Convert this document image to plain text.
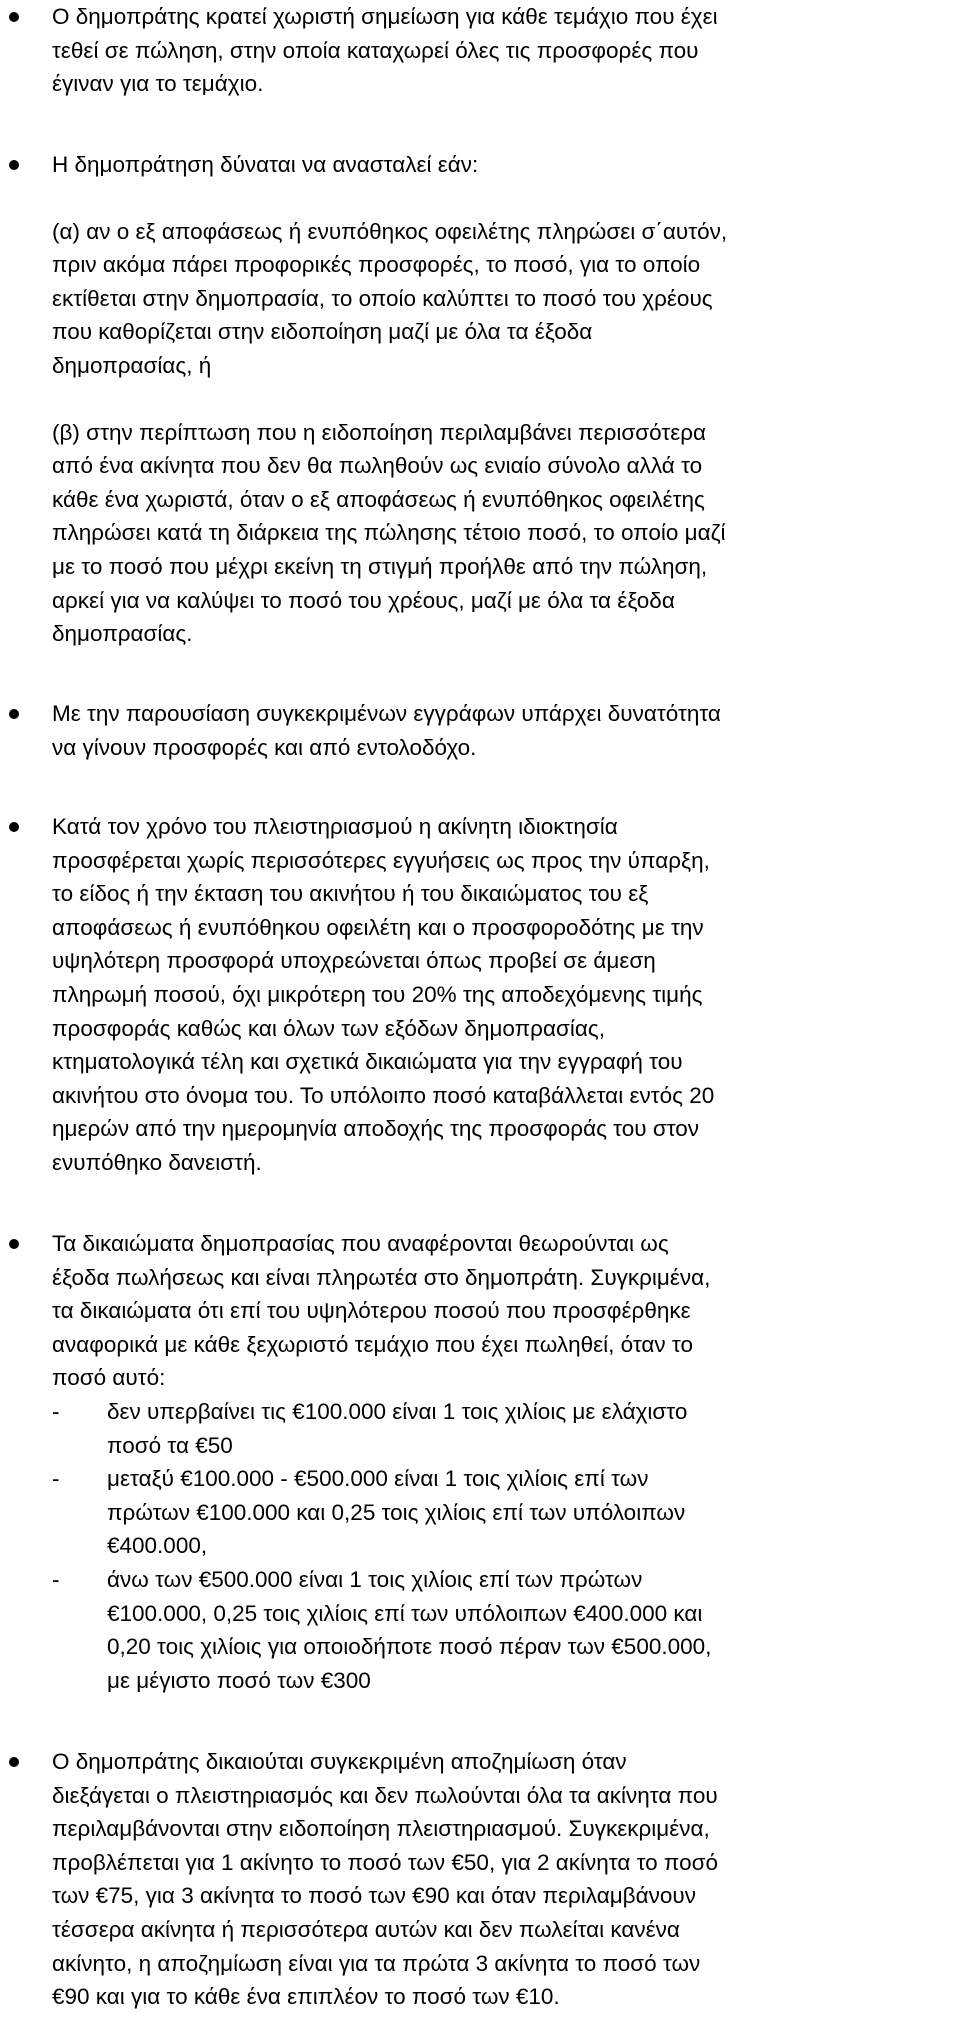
Ο δημοπράτης κρατεί χωριστή σημείωση για κάθε τεμάχιο που έχει
τεθεί σε πώληση, στην οποία καταχωρεί όλες τις προσφορές που
έγιναν για το τεμάχιο.

Η δημοπράτηση δύναται να ανασταλεί εάν:

(α) αν ο εξ αποφάσεως ή ενυπόθηκος οφειλέτης πληρώσει σ΄αυτόν,
πριν ακόμα πάρει προφορικές προσφορές, το ποσό, για το οποίο
εκτίθεται στην δημοπρασία, το οποίο καλύπτει το ποσό του χρέους
που καθορίζεται στην ειδοποίηση μαζί με όλα τα έξοδα
δημοπρασίας, ή

(β) στην περίπτωση που η ειδοποίηση περιλαμβάνει περισσότερα
από ένα ακίνητα που δεν θα πωληθούν ως ενιαίο σύνολο αλλά το
κάθε ένα χωριστά, όταν ο εξ αποφάσεως ή ενυπόθηκος οφειλέτης
πληρώσει κατά τη διάρκεια της πώλησης τέτοιο ποσό, το οποίο μαζί
με το ποσό που μέχρι εκείνη τη στιγμή προήλθε από την πώληση,
αρκεί για να καλύψει το ποσό του χρέους, μαζί με όλα τα έξοδα
δημοπρασίας.

Με την παρουσίαση συγκεκριμένων εγγράφων υπάρχει δυνατότητα
να γίνουν προσφορές και από εντολοδόχο.

Κατά τον χρόνο του πλειστηριασμού η ακίνητη ιδιοκτησία
προσφέρεται χωρίς περισσότερες εγγυήσεις ως προς την ύπαρξη,
το είδος ή την έκταση του ακινήτου ή του δικαιώματος του εξ
αποφάσεως ή ενυπόθηκου οφειλέτη και ο προσφοροδότης με την
υψηλότερη προσφορά υποχρεώνεται όπως προβεί σε άμεση
πληρωμή ποσού, όχι μικρότερη του 20% της αποδεχόμενης τιμής
προσφοράς καθώς και όλων των εξόδων δημοπρασίας,
κτηματολογικά τέλη και σχετικά δικαιώματα για την εγγραφή του
ακινήτου στο όνομα του. Το υπόλοιπο ποσό καταβάλλεται εντός 20
ημερών από την ημερομηνία αποδοχής της προσφοράς του στον
ενυπόθηκο δανειστή.

Τα δικαιώματα δημοπρασίας που αναφέρονται θεωρούνται ως
έξοδα πωλήσεως και είναι πληρωτέα στο δημοπράτη. Συγκριμένα,
τα δικαιώματα ότι επί του υψηλότερου ποσού που προσφέρθηκε
αναφορικά με κάθε ξεχωριστό τεμάχιο που έχει πωληθεί, όταν το
ποσό αυτό:

-	δεν υπερβαίνει τις €100.000 είναι 1 τοις χιλίοις με ελάχιστο
ποσό τα €50
-	μεταξύ €100.000 - €500.000 είναι 1 τοις χιλίοις επί των
πρώτων €100.000 και 0,25 τοις χιλίοις επί των υπόλοιπων
€400.000,
-	άνω των €500.000 είναι 1 τοις χιλίοις επί των πρώτων
€100.000, 0,25 τοις χιλίοις επί των υπόλοιπων €400.000 και
0,20 τοις χιλίοις για οποιοδήποτε ποσό πέραν των €500.000,
με μέγιστο ποσό των €300

Ο δημοπράτης δικαιούται συγκεκριμένη αποζημίωση όταν
διεξάγεται ο πλειστηριασμός και δεν πωλούνται όλα τα ακίνητα που
περιλαμβάνονται στην ειδοποίηση πλειστηριασμού. Συγκεκριμένα,
προβλέπεται για 1 ακίνητο το ποσό των €50, για 2 ακίνητα το ποσό
των €75, για 3 ακίνητα το ποσό των €90 και όταν περιλαμβάνουν
τέσσερα ακίνητα ή περισσότερα αυτών και δεν πωλείται κανένα
ακίνητο, η αποζημίωση είναι για τα πρώτα 3 ακίνητα το ποσό των
€90 και για το κάθε ένα επιπλέον το ποσό των €10.
